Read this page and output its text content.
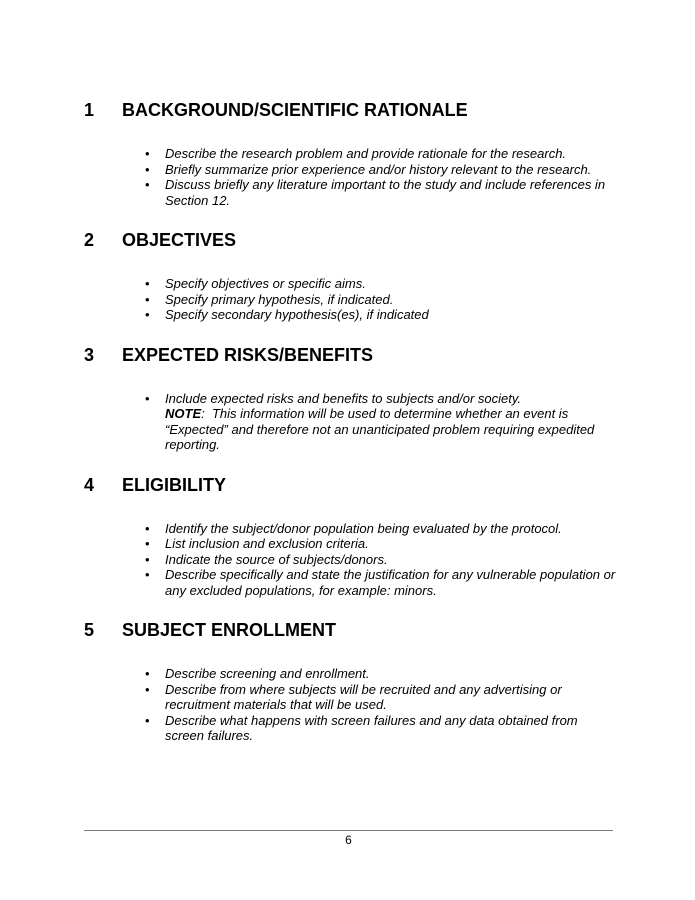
1	BACKGROUND/SCIENTIFIC RATIONALE
•	Describe the research problem and provide rationale for the research.
•	Briefly summarize prior experience and/or history relevant to the research.
•	Discuss briefly any literature important to the study and include references in Section 12.
2	OBJECTIVES
•	Specify objectives or specific aims.
•	Specify primary hypothesis, if indicated.
•	Specify secondary hypothesis(es), if indicated
3	EXPECTED RISKS/BENEFITS
•	Include expected risks and benefits to subjects and/or society.
NOTE:  This information will be used to determine whether an event is “Expected” and therefore not an unanticipated problem requiring expedited reporting.
4	ELIGIBILITY
•	Identify the subject/donor population being evaluated by the protocol.
•	List inclusion and exclusion criteria.
•	Indicate the source of subjects/donors.
•	Describe specifically and state the justification for any vulnerable population or any excluded populations, for example: minors.
5	SUBJECT ENROLLMENT
•	Describe screening and enrollment.
•	Describe from where subjects will be recruited and any advertising or recruitment materials that will be used.
•	Describe what happens with screen failures and any data obtained from screen failures.
6
